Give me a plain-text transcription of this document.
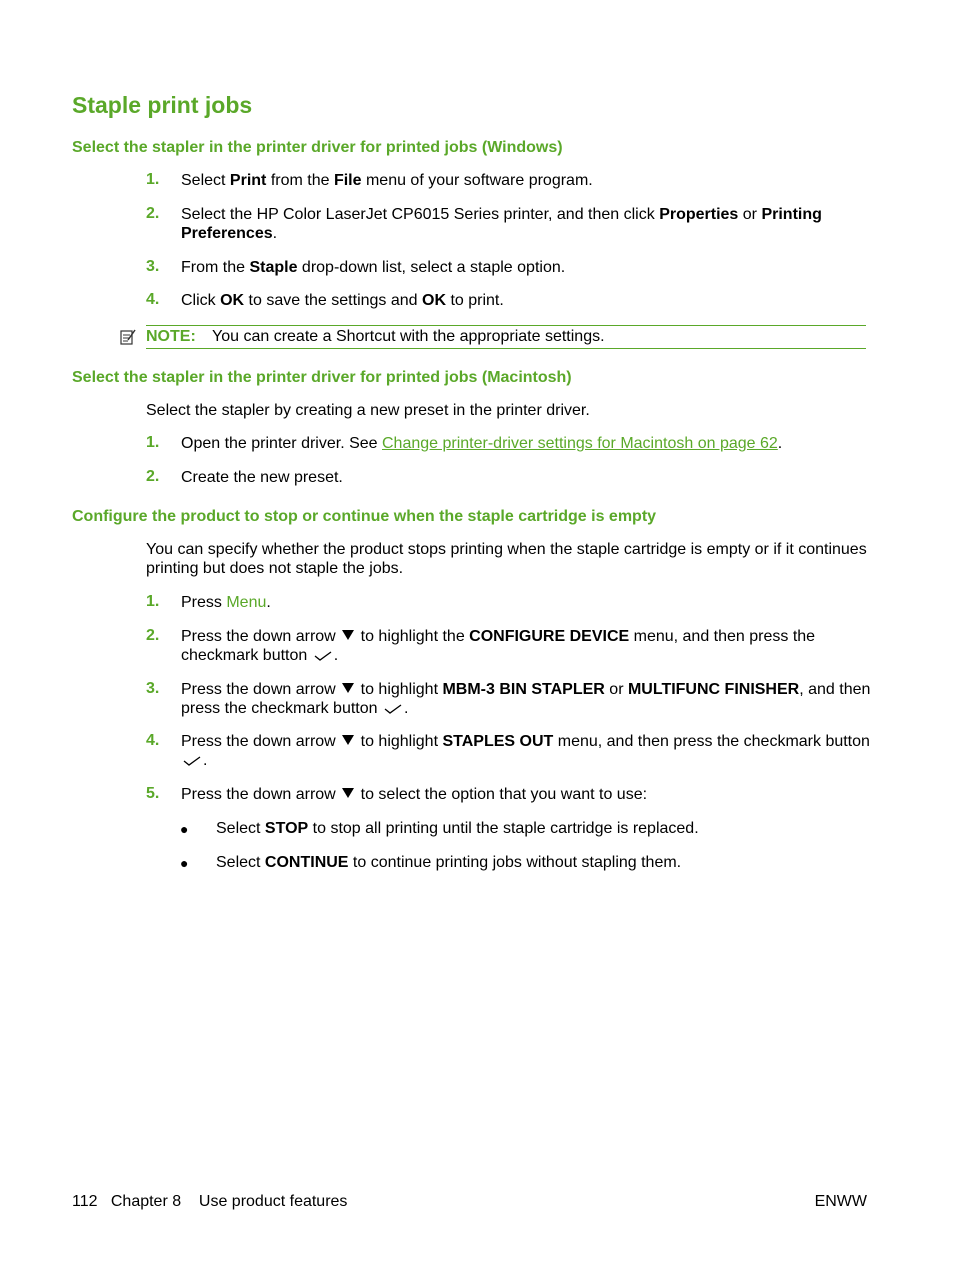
Staple print jobs
Select the stapler in the printer driver for printed jobs (Windows)
1. Select Print from the File menu of your software program.
2. Select the HP Color LaserJet CP6015 Series printer, and then click Properties or Printing Preferences.
3. From the Staple drop-down list, select a staple option.
4. Click OK to save the settings and OK to print.
NOTE: You can create a Shortcut with the appropriate settings.
Select the stapler in the printer driver for printed jobs (Macintosh)
Select the stapler by creating a new preset in the printer driver.
1. Open the printer driver. See Change printer-driver settings for Macintosh on page 62.
2. Create the new preset.
Configure the product to stop or continue when the staple cartridge is empty
You can specify whether the product stops printing when the staple cartridge is empty or if it continues printing but does not staple the jobs.
1. Press Menu.
2. Press the down arrow  to highlight the CONFIGURE DEVICE menu, and then press the checkmark button .
3. Press the down arrow  to highlight MBM-3 BIN STAPLER or MULTIFUNC FINISHER, and then press the checkmark button .
4. Press the down arrow  to highlight STAPLES OUT menu, and then press the checkmark button .
5. Press the down arrow  to select the option that you want to use:
● Select STOP to stop all printing until the staple cartridge is replaced.
● Select CONTINUE to continue printing jobs without stapling them.
112 Chapter 8 Use product features	ENWW
